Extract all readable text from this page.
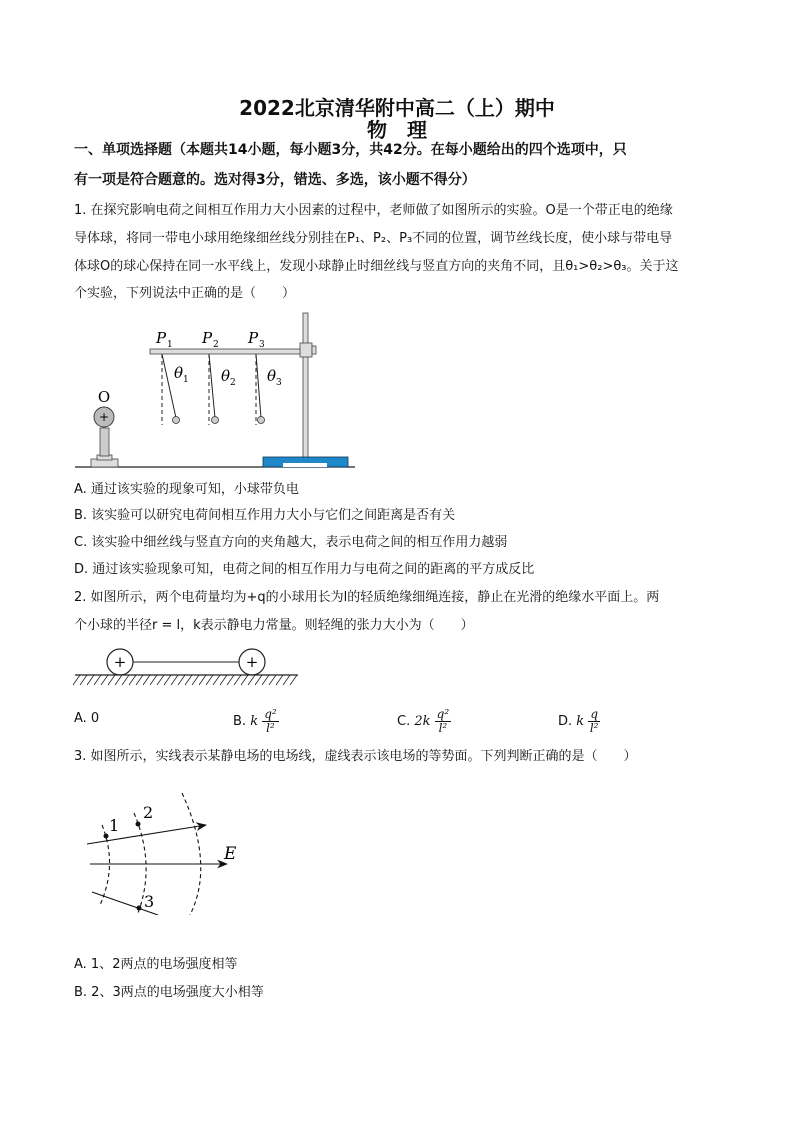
2022北京清华附中高二（上）期中
物　理
一、单项选择题（本题共14小题，每小题3分，共42分。在每小题给出的四个选项中，只
有一项是符合题意的。选对得3分，错选、多选，该小题不得分）
1. 在探究影响电荷之间相互作用力大小因素的过程中，老师做了如图所示的实验。O是一个带正电的绝缘
导体球，将同一带电小球用绝缘细丝线分别挂在P₁、P₂、P₃不同的位置，调节丝线长度，使小球与带电导
体球O的球心保持在同一水平线上，发现小球静止时细丝线与竖直方向的夹角不同，且θ₁>θ₂>θ₃。关于这
个实验，下列说法中正确的是（　　）
+
O
P 1 P 2 P 3
θ 1 θ 2 θ 3
A. 通过该实验的现象可知，小球带负电
B. 该实验可以研究电荷间相互作用力大小与它们之间距离是否有关
C. 该实验中细丝线与竖直方向的夹角越大，表示电荷之间的相互作用力越弱
D. 通过该实验现象可知，电荷之间的相互作用力与电荷之间的距离的平方成反比
2. 如图所示，两个电荷量均为+q的小球用长为l的轻质绝缘细绳连接，静止在光滑的绝缘水平面上。两
个小球的半径r = l，k表示静电力常量。则轻绳的张力大小为（　　）
+	+
A. 0	B. k $\frac{\text{q²}}{\text{l²}}$	C. $2k \frac{\text{q²}}{\text{l²}}$	D. k $\frac{q}{\text{l²}}$
3. 如图所示，实线表示某静电场的电场线，虚线表示该电场的等势面。下列判断正确的是（　　）
1
2
3
E
A. 1、2两点的电场强度相等
B. 2、3两点的电场强度大小相等
